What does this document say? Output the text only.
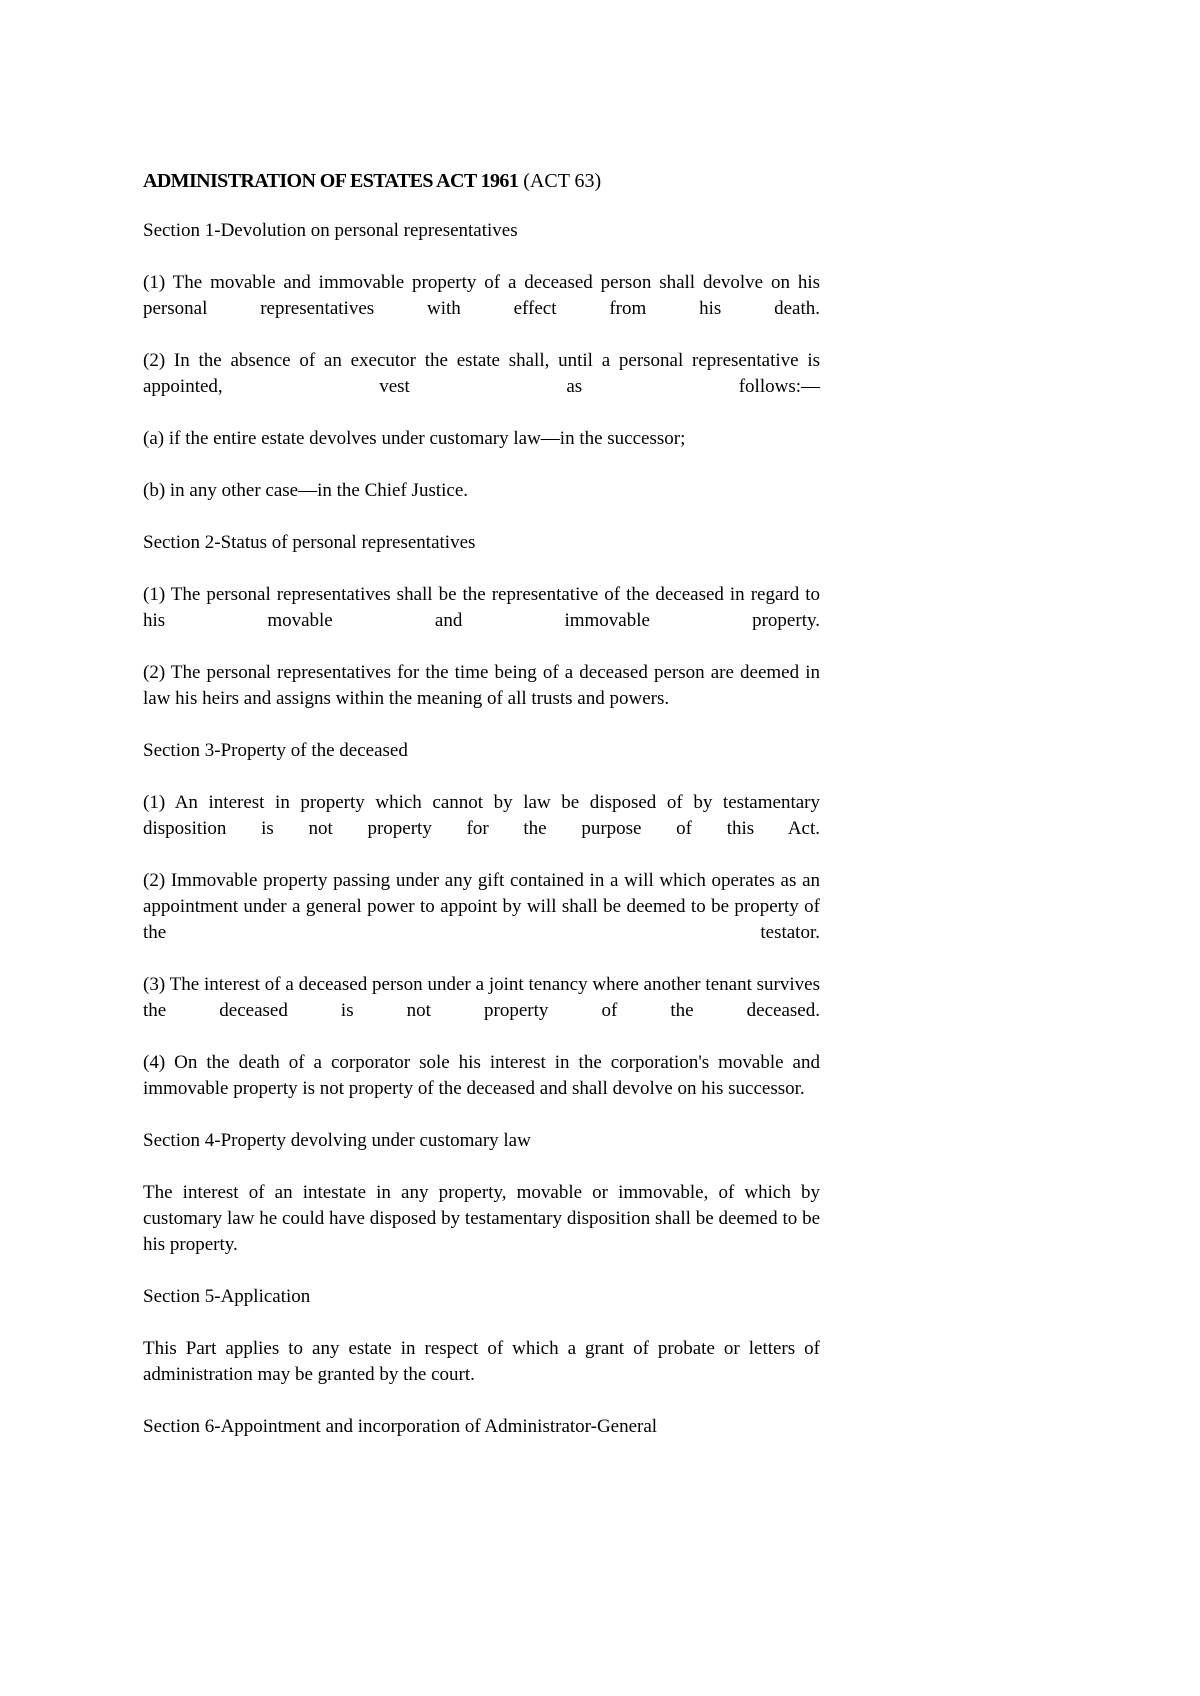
ADMINISTRATION OF ESTATES ACT 1961 (ACT 63)
Section 1-Devolution on personal representatives

(1) The movable and immovable property of a deceased person shall devolve on his personal representatives with effect from his death.

(2) In the absence of an executor the estate shall, until a personal representative is appointed, vest as follows:—

(a) if the entire estate devolves under customary law—in the successor;

(b) in any other case—in the Chief Justice.

Section 2-Status of personal representatives

(1) The personal representatives shall be the representative of the deceased in regard to his movable and immovable property.

(2) The personal representatives for the time being of a deceased person are deemed in law his heirs and assigns within the meaning of all trusts and powers.

Section 3-Property of the deceased

(1) An interest in property which cannot by law be disposed of by testamentary disposition is not property for the purpose of this Act.

(2) Immovable property passing under any gift contained in a will which operates as an appointment under a general power to appoint by will shall be deemed to be property of the testator.

(3) The interest of a deceased person under a joint tenancy where another tenant survives the deceased is not property of the deceased.

(4) On the death of a corporator sole his interest in the corporation's movable and immovable property is not property of the deceased and shall devolve on his successor.

Section 4-Property devolving under customary law

The interest of an intestate in any property, movable or immovable, of which by customary law he could have disposed by testamentary disposition shall be deemed to be his property.

Section 5-Application

This Part applies to any estate in respect of which a grant of probate or letters of administration may be granted by the court.

Section 6-Appointment and incorporation of Administrator-General
